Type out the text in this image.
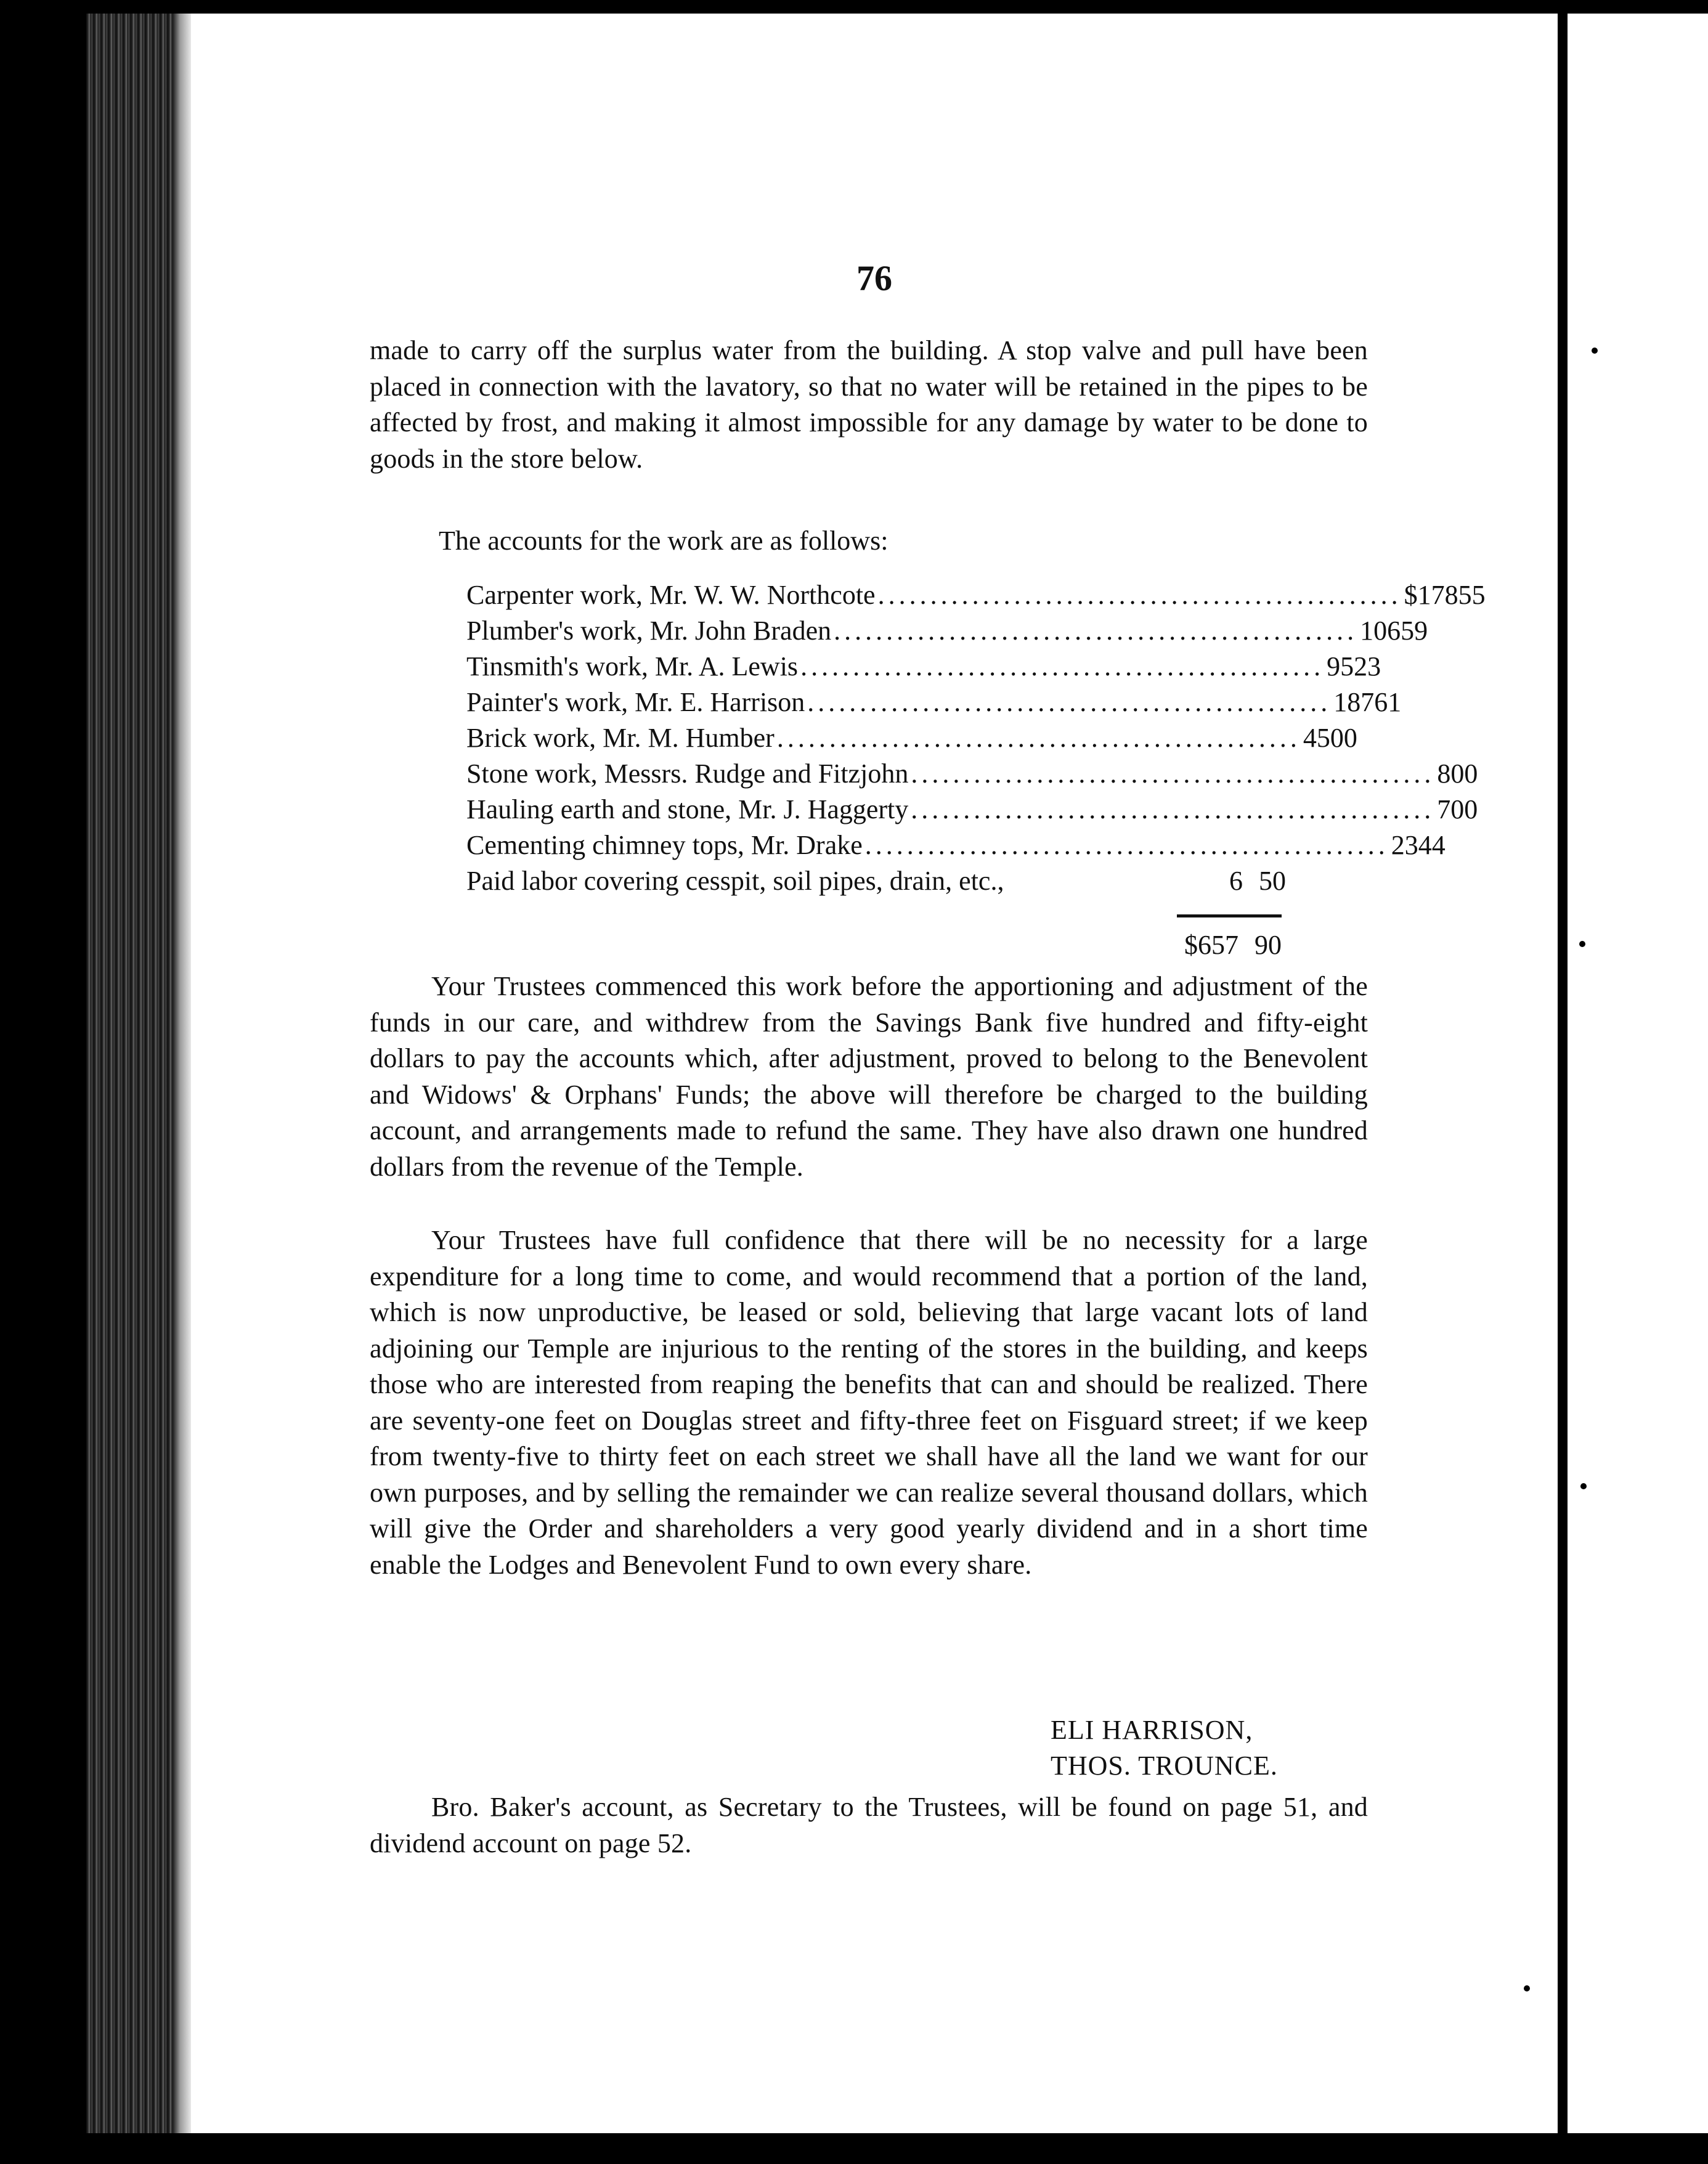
76
made to carry off the surplus water from the building. A stop valve and pull have been placed in connection with the lavatory, so that no water will be retained in the pipes to be affected by frost, and making it almost impossible for any damage by water to be done to goods in the store below.
The accounts for the work are as follows:
Carpenter work, Mr. W. W. Northcote .................................................. $178 55
Plumber's work, Mr. John Braden .................................................. 106 59
Tinsmith's work, Mr. A. Lewis .................................................. 95 23
Painter's work, Mr. E. Harrison .................................................. 187 61
Brick work, Mr. M. Humber .................................................. 45 00
Stone work, Messrs. Rudge and Fitzjohn .................................................. 8 00
Hauling earth and stone, Mr. J. Haggerty .................................................. 7 00
Cementing chimney tops, Mr. Drake .................................................. 23 44
Paid labor covering cesspit, soil pipes, drain, etc.,	6 50
$657 90
Your Trustees commenced this work before the apportioning and adjustment of the funds in our care, and withdrew from the Savings Bank five hundred and fifty-eight dollars to pay the accounts which, after adjustment, proved to belong to the Benevolent and Widows' & Orphans' Funds; the above will therefore be charged to the building account, and arrangements made to refund the same. They have also drawn one hundred dollars from the revenue of the Temple.
Your Trustees have full confidence that there will be no necessity for a large expenditure for a long time to come, and would recommend that a portion of the land, which is now unproductive, be leased or sold, believing that large vacant lots of land adjoining our Temple are injurious to the renting of the stores in the building, and keeps those who are interested from reaping the benefits that can and should be realized. There are seventy-one feet on Douglas street and fifty-three feet on Fisguard street; if we keep from twenty-five to thirty feet on each street we shall have all the land we want for our own purposes, and by selling the remainder we can realize several thousand dollars, which will give the Order and shareholders a very good yearly dividend and in a short time enable the Lodges and Benevolent Fund to own every share.
ELI HARRISON,
THOS. TROUNCE.
Bro. Baker's account, as Secretary to the Trustees, will be found on page 51, and dividend account on page 52.
